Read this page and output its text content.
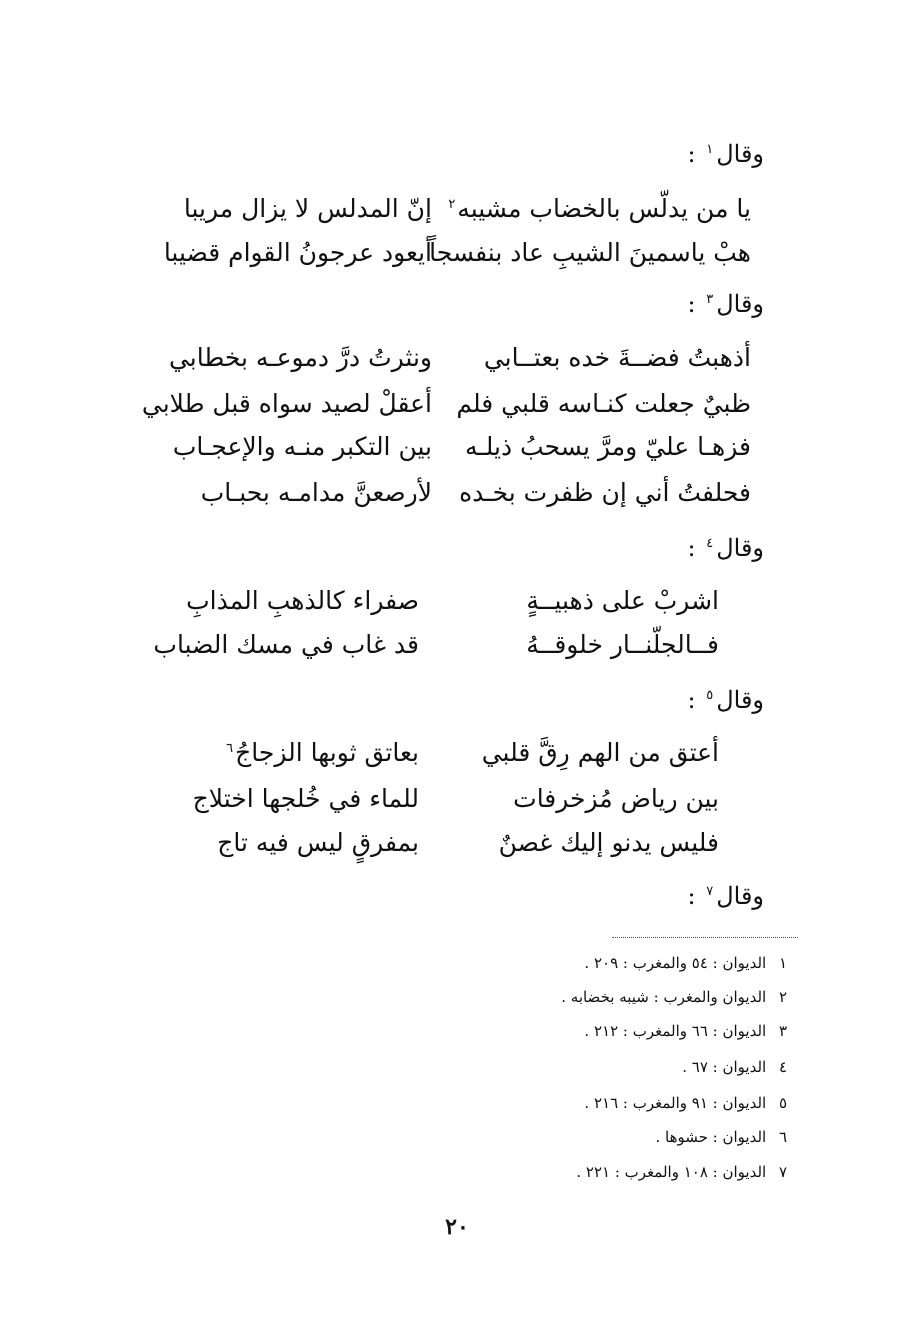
وقال$^١$ :
يا من يدلّس بالخضاب مشيبه$^٢$
إنّ المدلس لا يزال مريبا
هبْ ياسمينَ الشيبِ عاد بنفسجاً
أيعود عرجونُ القوام قضيبا
وقال$^٣$ :
أذهبتُ فضــةَ خده بعتــابي
ونثرتُ درَّ دموعـه بخطابي
ظبيٌ جعلت كنـاسه قلبي فلم
أعقلْ لصيد سواه قبل طلابي
فزهـا عليّ ومرَّ يسحبُ ذيلـه
بين التكبر منـه والإعجـاب
فحلفتُ أني إن ظفرت بخـده
لأرصعنَّ مدامـه بحبـاب
وقال$^٤$ :
اشربْ على ذهبيــةٍ
صفراء كالذهبِ المذابِ
فــالجلّنــار خلوقــهُ
قد غاب في مسك الضباب
وقال$^٥$ :
أعتق من الهم رِقَّ قلبي
بعاتق ثوبها الزجاجُ$^٦$
بين رياض مُزخرفات
للماء في خُلجها اختلاج
فليس يدنو إليك غصنٌ
بمفرقٍ ليس فيه تاج
وقال$^٧$ :
١ الديوان : ٥٤ والمغرب : ٢٠٩ .
٢ الديوان والمغرب : شيبه بخضابه .
٣ الديوان : ٦٦ والمغرب : ٢١٢ .
٤ الديوان : ٦٧ .
٥ الديوان : ٩١ والمغرب : ٢١٦ .
٦ الديوان : حشوها .
٧ الديوان : ١٠٨ والمغرب : ٢٢١ .
٢٠
